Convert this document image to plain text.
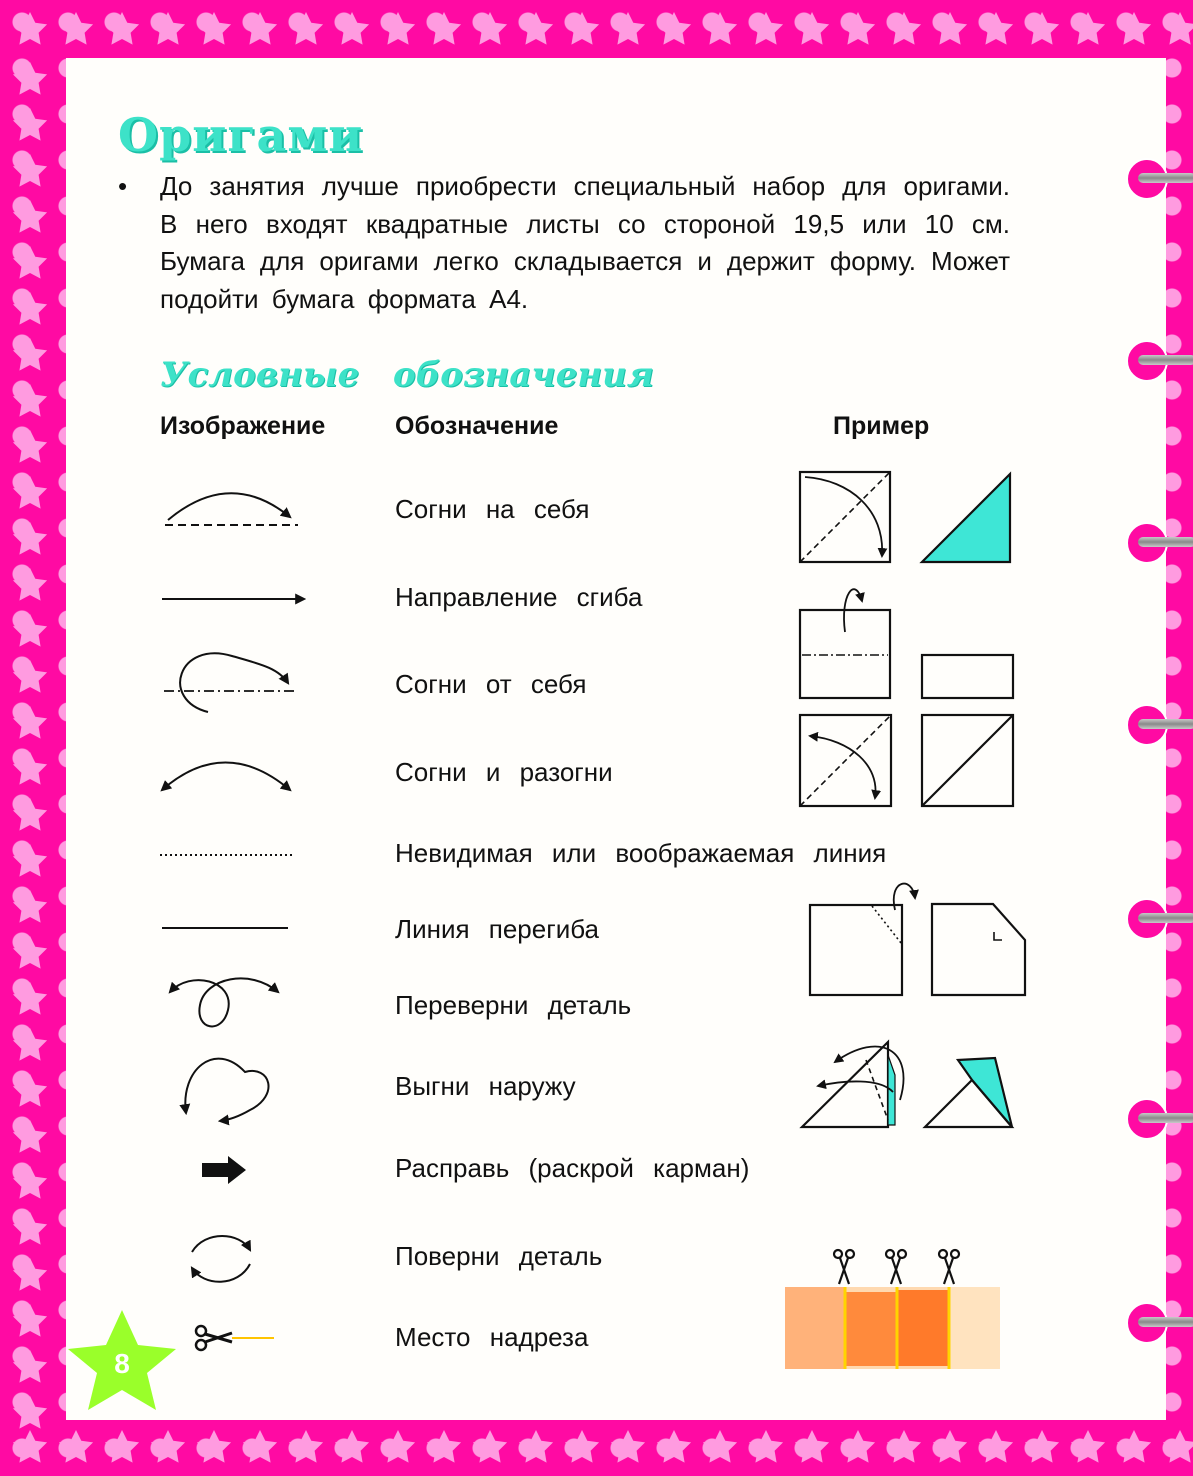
Оригами
•	До занятия лучше приобрести специальный набор для оригами. В него входят квадратные листы со стороной 19,5 или 10 см. Бумага для оригами легко складывается и держит форму. Может подойти бумага формата А4.

Условные обозначения
Изображение	Обозначение	Пример
Согни на себя
Направление сгиба
Согни от себя
Согни и разогни
Невидимая или воображаемая линия
Линия перегиба
Переверни деталь
Выгни наружу
Расправь (раскрой карман)
Поверни деталь
Место надреза
8
